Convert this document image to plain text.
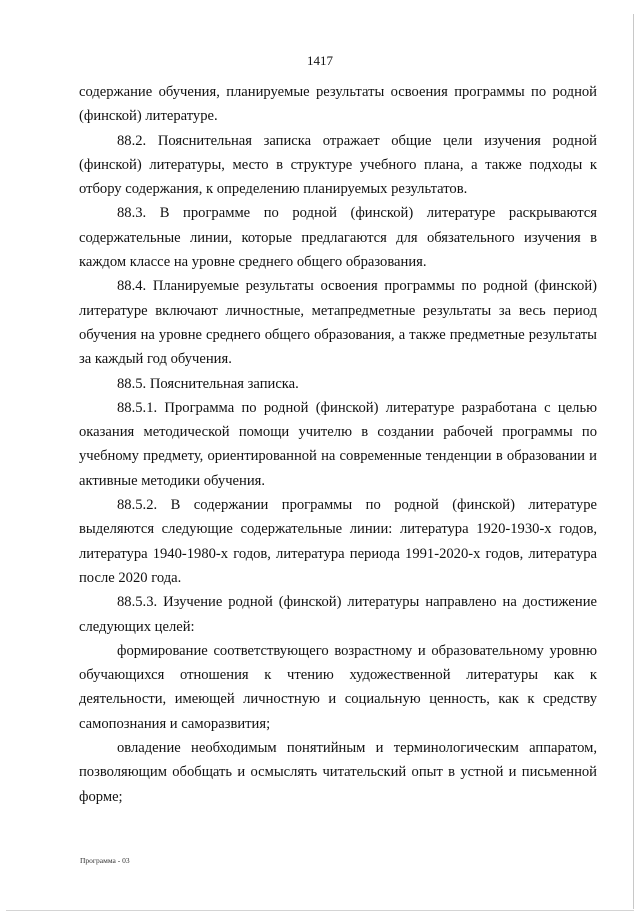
1417

содержание обучения, планируемые результаты освоения программы по родной (финской) литературе.

88.2. Пояснительная записка отражает общие цели изучения родной (финской) литературы, место в структуре учебного плана, а также подходы к отбору содержания, к определению планируемых результатов.

88.3. В программе по родной (финской) литературе раскрываются содержательные линии, которые предлагаются для обязательного изучения в каждом классе на уровне среднего общего образования.

88.4. Планируемые результаты освоения программы по родной (финской) литературе включают личностные, метапредметные результаты за весь период обучения на уровне среднего общего образования, а также предметные результаты за каждый год обучения.

88.5. Пояснительная записка.

88.5.1. Программа по родной (финской) литературе разработана с целью оказания методической помощи учителю в создании рабочей программы по учебному предмету, ориентированной на современные тенденции в образовании и активные методики обучения.

88.5.2. В содержании программы по родной (финской) литературе выделяются следующие содержательные линии: литература 1920-1930-х годов, литература 1940-1980-х годов, литература периода 1991-2020-х годов, литература после 2020 года.

88.5.3. Изучение родной (финской) литературы направлено на достижение следующих целей:

формирование соответствующего возрастному и образовательному уровню обучающихся отношения к чтению художественной литературы как к деятельности, имеющей личностную и социальную ценность, как к средству самопознания и саморазвития;

овладение необходимым понятийным и терминологическим аппаратом, позволяющим обобщать и осмыслять читательский опыт в устной и письменной форме;

Программа - 03
